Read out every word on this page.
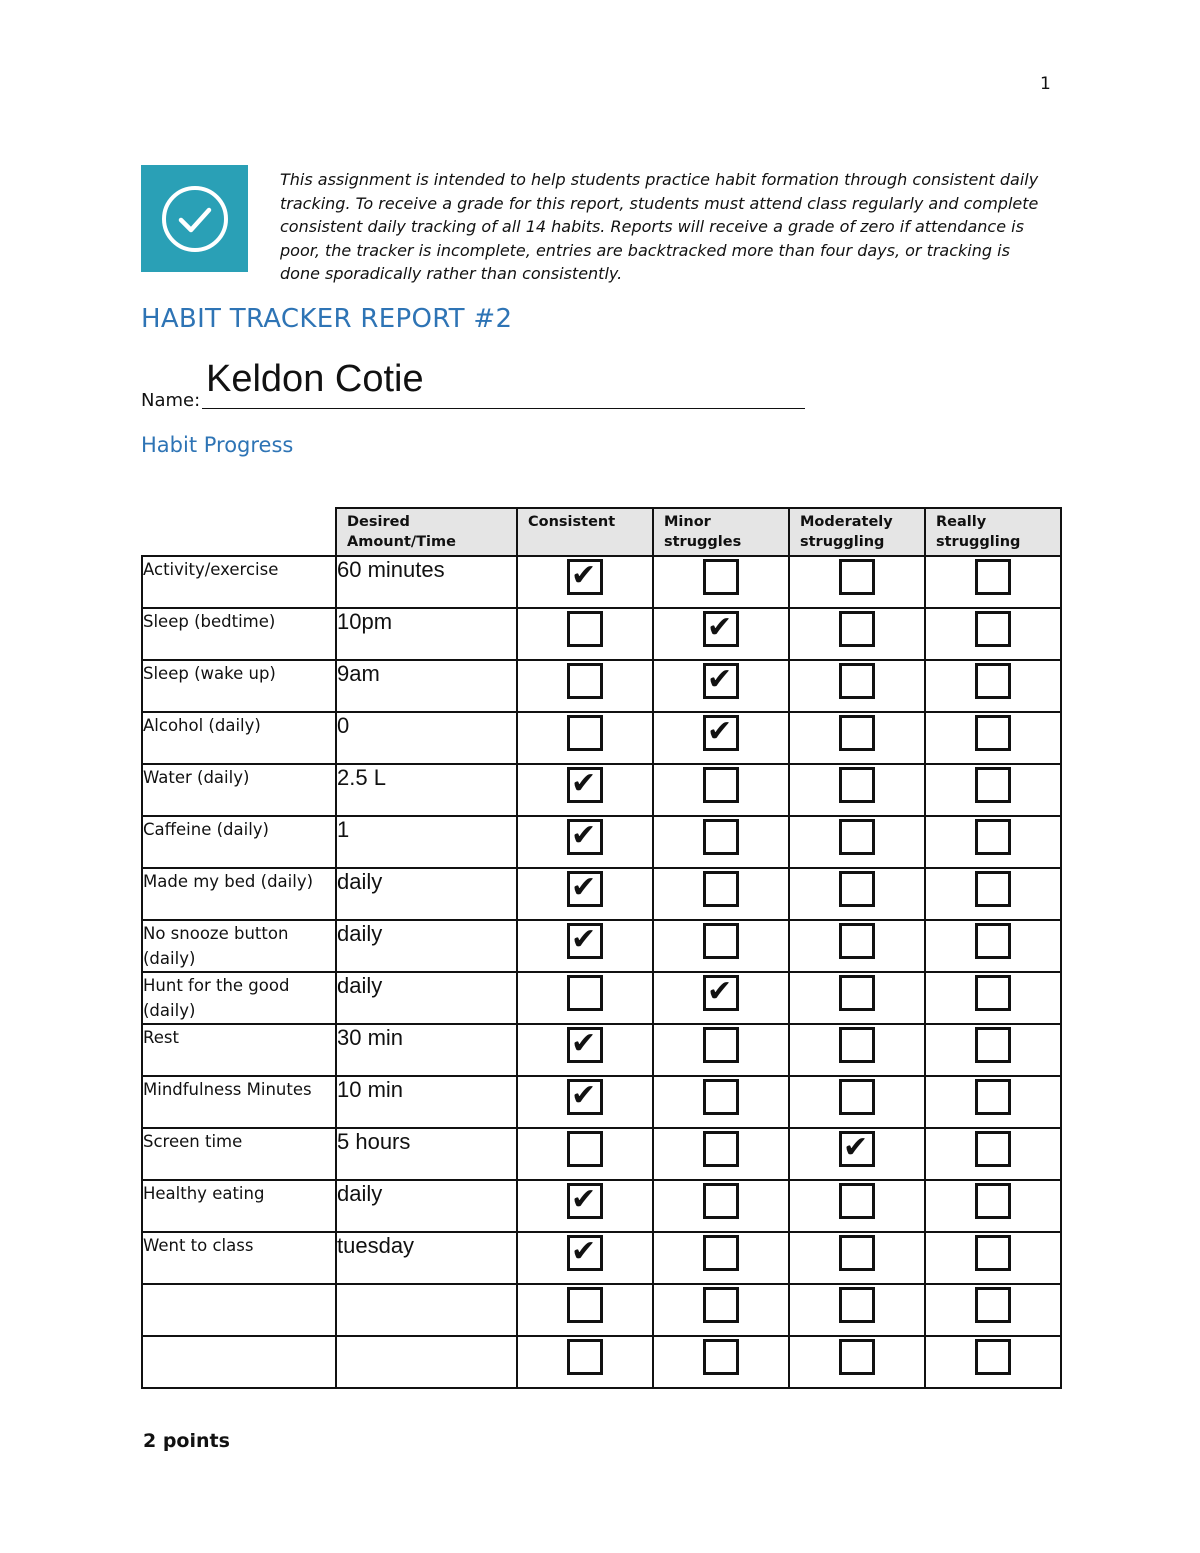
1
This assignment is intended to help students practice habit formation through consistent daily tracking. To receive a grade for this report, students must attend class regularly and complete consistent daily tracking of all 14 habits. Reports will receive a grade of zero if attendance is poor, the tracker is incomplete, entries are backtracked more than four days, or tracking is done sporadically rather than consistently.
HABIT TRACKER REPORT #2
Name:
Keldon Cotie
Habit Progress
	Desired Amount/Time	Consistent	Minor struggles	Moderately struggling	Really struggling
Activity/exercise	60 minutes	✔			

Sleep (bedtime)	10pm		✔		

Sleep (wake up)	9am		✔		

Alcohol (daily)	0		✔		

Water (daily)	2.5 L	✔			

Caffeine (daily)	1	✔			

Made my bed (daily)	daily	✔			

No snooze button (daily)	daily	✔			

Hunt for the good (daily)	daily		✔		

Rest	30 min	✔			

Mindfulness Minutes	10 min	✔			

Screen time	5 hours			✔	

Healthy eating	daily	✔			

Went to class	tuesday	✔			

2 points
